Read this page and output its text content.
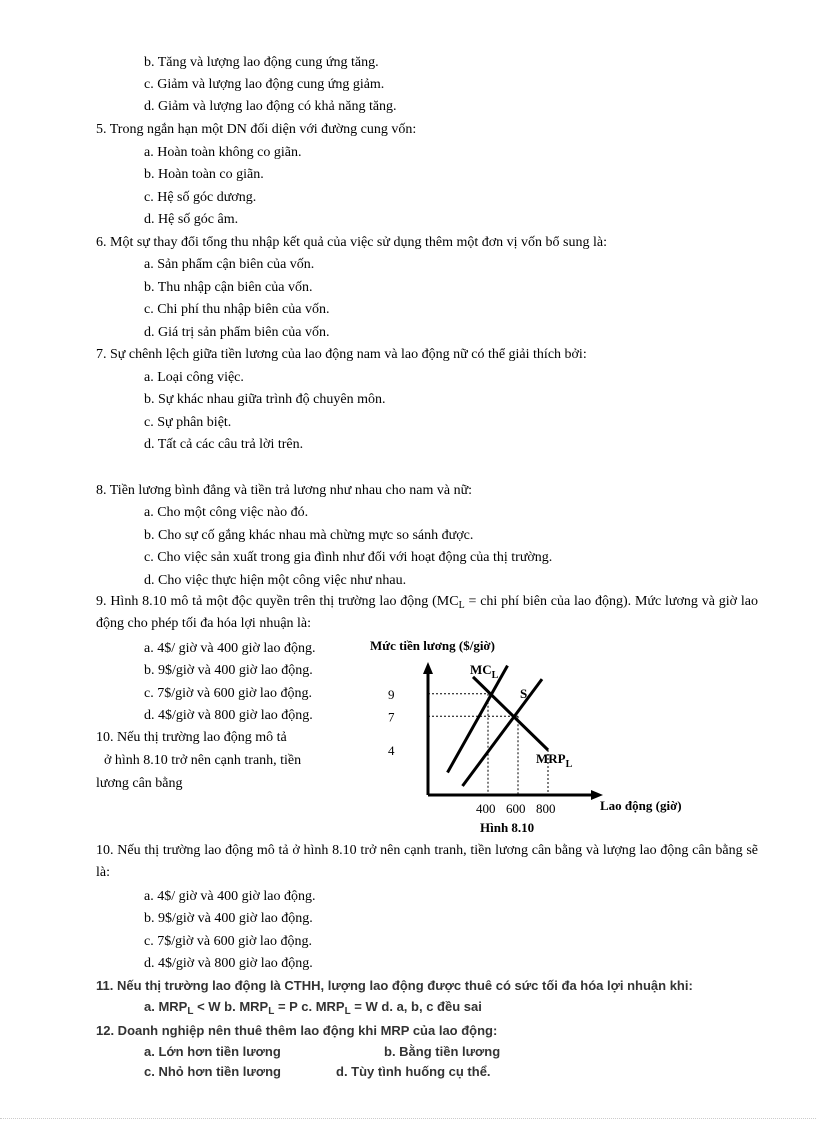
b. Tăng và lượng lao động cung ứng tăng.
c. Giảm và lượng lao động cung ứng giảm.
d. Giảm và lượng lao động có khả năng tăng.
5. Trong ngắn hạn một DN đối diện với đường cung vốn:
a. Hoàn toàn không co giãn.
b. Hoàn toàn co giãn.
c. Hệ số góc dương.
d. Hệ số góc âm.
6. Một sự thay đổi tổng thu nhập kết quả của việc sử dụng thêm một đơn vị vốn bổ sung là:
a. Sản phẩm cận biên của vốn.
b. Thu nhập cận biên của vốn.
c. Chi phí thu nhập biên của vốn.
d. Giá trị sản phẩm biên của vốn.
7. Sự chênh lệch giữa tiền lương của lao động nam và lao động nữ có thể giải thích bởi:
a. Loại công việc.
b. Sự khác nhau giữa trình độ chuyên môn.
c. Sự phân biệt.
d. Tất cả các câu trả lời trên.
8. Tiền lương bình đẳng và tiền trả lương như nhau cho nam và nữ:
a. Cho một công việc nào đó.
b. Cho sự cố gắng khác nhau mà chừng mực so sánh được.
c. Cho việc sản xuất trong gia đình như đối với hoạt động của thị trường.
d. Cho việc thực hiện một công việc như nhau.
9. Hình 8.10 mô tả một độc quyền trên thị trường lao động ($MC_L$ = chi phí biên của lao động). Mức lương và giờ lao động cho phép tối đa hóa lợi nhuận là:
a. 4$/ giờ và 400 giờ lao động.
b. 9$/giờ và 400 giờ lao động.
c. 7$/giờ và 600 giờ lao động.
d. 4$/giờ và 800 giờ lao động.
10. Nếu thị trường lao động mô tả
ở hình 8.10 trở nên cạnh tranh, tiền
lương cân bằng
Mức tiền lương ($/giờ)
Lao động (giờ)
Hình 8.10
9
7
4
400 600 800
$MC_L$
S
$MRP_L$
10. Nếu thị trường lao động mô tả ở hình 8.10 trở nên cạnh tranh, tiền lương cân bằng và lượng lao động cân bằng sẽ là:
a. 4$/ giờ và 400 giờ lao động.
b. 9$/giờ và 400 giờ lao động.
c. 7$/giờ và 600 giờ lao động.
d. 4$/giờ và 800 giờ lao động.
11. Nếu thị trường lao động là CTHH, lượng lao động được thuê có sức tối đa hóa lợi nhuận khi:
a. $MRP_L < W$ b. $MRP_L = P$ c. $MRP_L = W$ d. a, b, c đều sai
12. Doanh nghiệp nên thuê thêm lao động khi MRP của lao động:
a. Lớn hơn tiền lương	b. Bằng tiền lương
c. Nhỏ hơn tiền lương	d. Tùy tình huống cụ thể.
